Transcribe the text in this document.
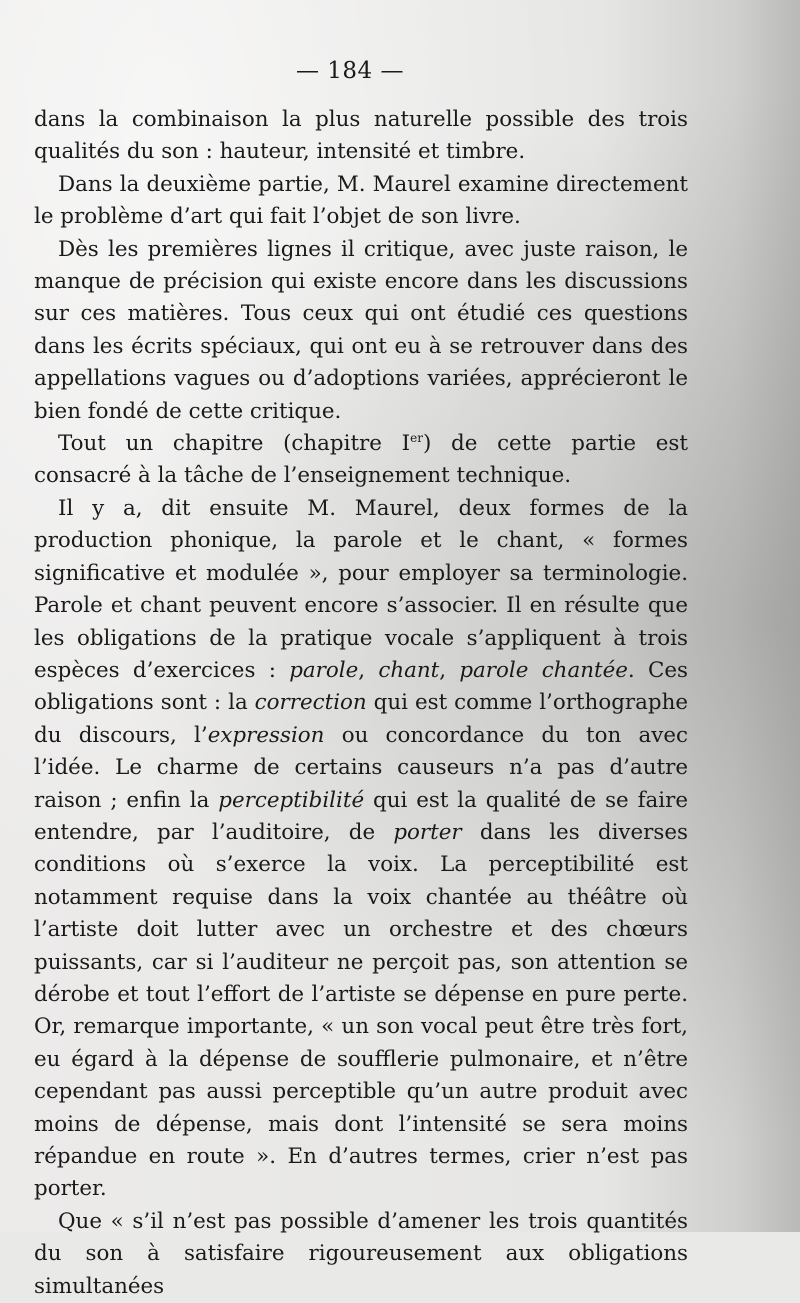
— 184 —

dans la combinaison la plus naturelle possible des trois qualités du son : hauteur, intensité et timbre.

Dans la deuxième partie, M. Maurel examine directement le problème d’art qui fait l’objet de son livre.

Dès les premières lignes il critique, avec juste raison, le manque de précision qui existe encore dans les discussions sur ces matières. Tous ceux qui ont étudié ces questions dans les écrits spéciaux, qui ont eu à se retrouver dans des appellations vagues ou d’adoptions variées, apprécieront le bien fondé de cette critique.

Tout un chapitre (chapitre Ier) de cette partie est consacré à la tâche de l’enseignement technique.

Il y a, dit ensuite M. Maurel, deux formes de la production phonique, la parole et le chant, « formes significative et modulée », pour employer sa terminologie. Parole et chant peuvent encore s’associer. Il en résulte que les obligations de la pratique vocale s’appliquent à trois espèces d’exercices : parole, chant, parole chantée. Ces obligations sont : la correction qui est comme l’orthographe du discours, l’expression ou concordance du ton avec l’idée. Le charme de certains causeurs n’a pas d’autre raison ; enfin la perceptibilité qui est la qualité de se faire entendre, par l’auditoire, de porter dans les diverses conditions où s’exerce la voix. La perceptibilité est notamment requise dans la voix chantée au théâtre où l’artiste doit lutter avec un orchestre et des chœurs puissants, car si l’auditeur ne perçoit pas, son attention se dérobe et tout l’effort de l’artiste se dépense en pure perte. Or, remarque importante, « un son vocal peut être très fort, eu égard à la dépense de soufflerie pulmonaire, et n’être cependant pas aussi perceptible qu’un autre produit avec moins de dépense, mais dont l’intensité se sera moins répandue en route ». En d’autres termes, crier n’est pas porter.

Que « s’il n’est pas possible d’amener les trois quantités du son à satisfaire rigoureusement aux obligations simultanées
